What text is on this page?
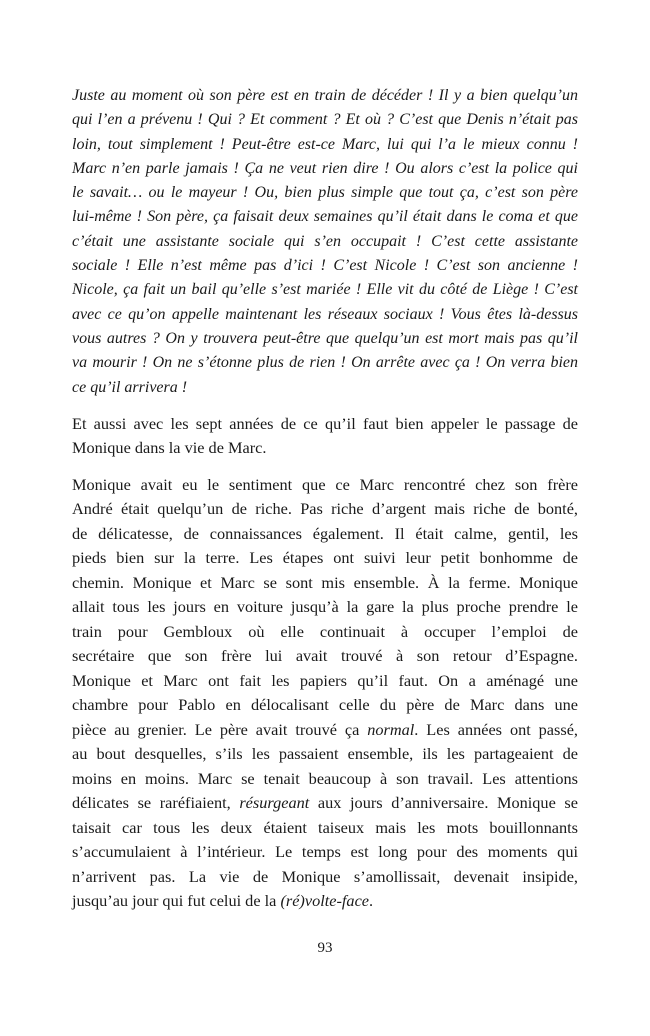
Juste au moment où son père est en train de décéder ! Il y a bien quelqu’un
qui l’en a prévenu ! Qui ? Et comment ? Et où ? C’est que Denis n’était pas
loin, tout simplement ! Peut-être est-ce Marc, lui qui l’a le mieux connu !
Marc n’en parle jamais ! Ça ne veut rien dire ! Ou alors c’est la police qui
le savait… ou le mayeur ! Ou, bien plus simple que tout ça, c’est son père
lui-même ! Son père, ça faisait deux semaines qu’il était dans le coma et que
c’était une assistante sociale qui s’en occupait ! C’est cette assistante
sociale ! Elle n’est même pas d’ici ! C’est Nicole ! C’est son ancienne !
Nicole, ça fait un bail qu’elle s’est mariée ! Elle vit du côté de Liège ! C’est
avec ce qu’on appelle maintenant les réseaux sociaux ! Vous êtes là-dessus
vous autres ? On y trouvera peut-être que quelqu’un est mort mais pas qu’il
va mourir ! On ne s’étonne plus de rien ! On arrête avec ça ! On verra bien
ce qu’il arrivera !

Et aussi avec les sept années de ce qu’il faut bien appeler le passage de
Monique dans la vie de Marc.

Monique avait eu le sentiment que ce Marc rencontré chez son frère
André était quelqu’un de riche. Pas riche d’argent mais riche de bonté,
de délicatesse, de connaissances également. Il était calme, gentil, les
pieds bien sur la terre. Les étapes ont suivi leur petit bonhomme de
chemin. Monique et Marc se sont mis ensemble. À la ferme. Monique
allait tous les jours en voiture jusqu’à la gare la plus proche prendre le
train pour Gembloux où elle continuait à occuper l’emploi de
secrétaire que son frère lui avait trouvé à son retour d’Espagne.
Monique et Marc ont fait les papiers qu’il faut. On a aménagé une
chambre pour Pablo en délocalisant celle du père de Marc dans une
pièce au grenier. Le père avait trouvé ça normal. Les années ont passé,
au bout desquelles, s’ils les passaient ensemble, ils les partageaient de
moins en moins. Marc se tenait beaucoup à son travail. Les attentions
délicates se raréfiaient, résurgeant aux jours d’anniversaire. Monique se
taisait car tous les deux étaient taiseux mais les mots bouillonnants
s’accumulaient à l’intérieur. Le temps est long pour des moments qui
n’arrivent pas. La vie de Monique s’amollissait, devenait insipide,
jusqu’au jour qui fut celui de la (ré)volte-face.

93
